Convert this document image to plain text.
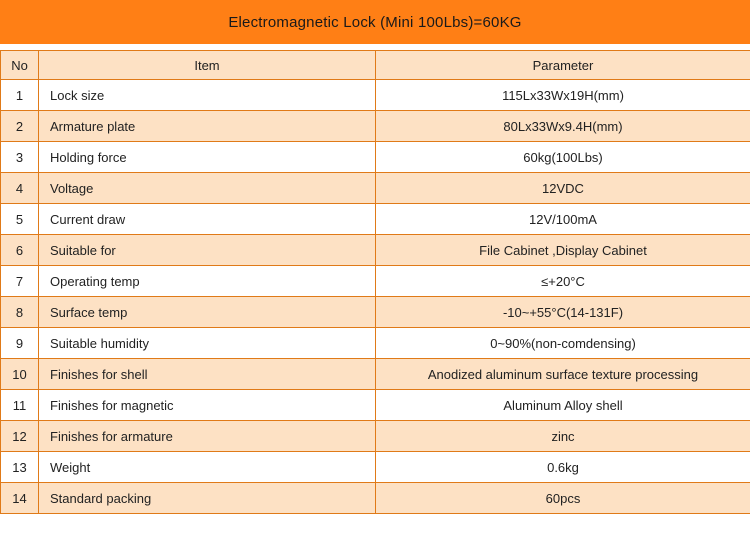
Electromagnetic Lock (Mini 100Lbs)=60KG
No	Item	Parameter
1	Lock size	115Lx33Wx19H(mm)
2	Armature plate	80Lx33Wx9.4H(mm)
3	Holding force	60kg(100Lbs)
4	Voltage	12VDC
5	Current draw	12V/100mA
6	Suitable for	File Cabinet ,Display Cabinet
7	Operating temp	≤+20°C
8	Surface temp	-10~+55°C(14-131F)
9	Suitable humidity	0~90%(non-comdensing)
10	Finishes for shell	Anodized aluminum surface texture processing
11	Finishes for magnetic	Aluminum Alloy shell
12	Finishes for armature	zinc
13	Weight	0.6kg
14	Standard packing	60pcs
